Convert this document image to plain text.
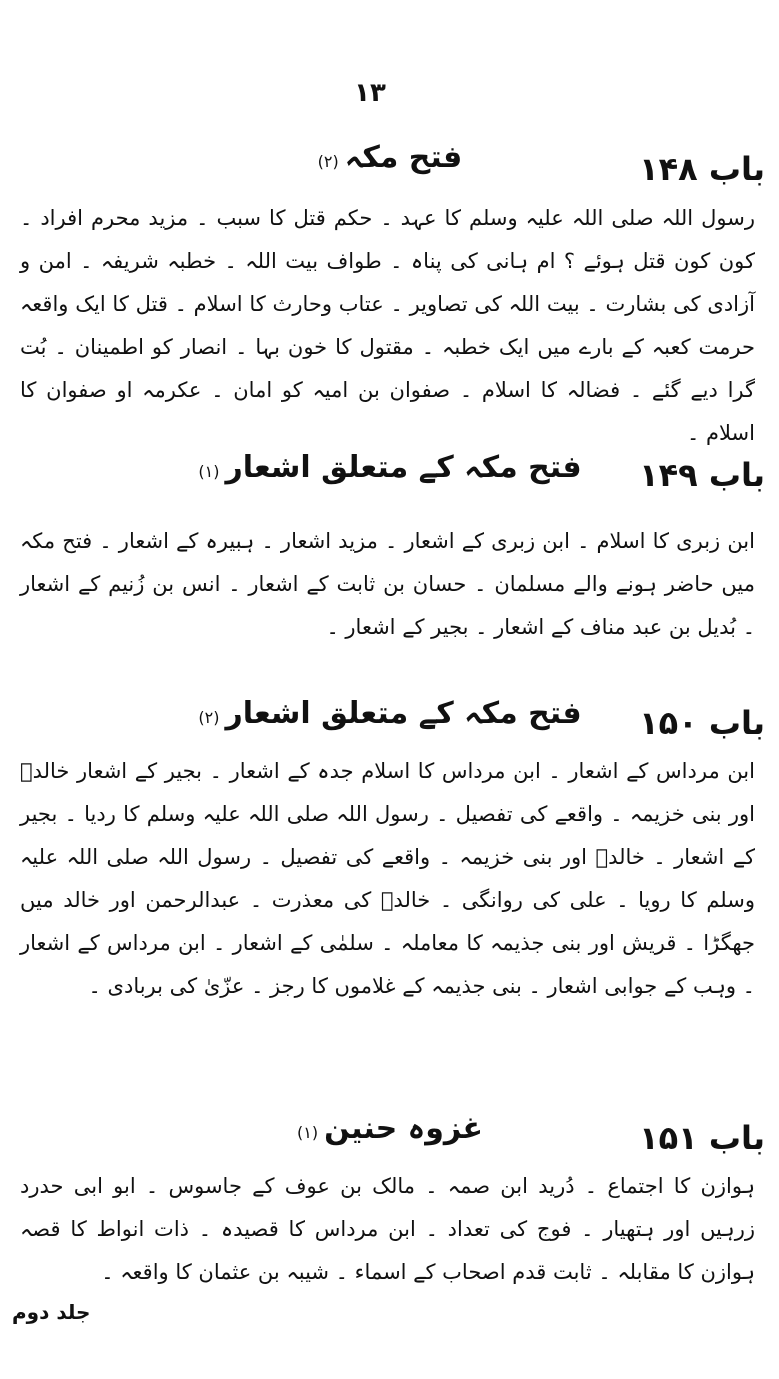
۱۳
باب ۱۴۸
فتح مکہ(۲)
رسول اللہ صلی اللہ علیہ وسلم کا عہد ۔ حکم قتل کا سبب ۔ مزید محرم افراد ۔ کون کون قتل ہوئے ؟ ام ہانی کی پناہ ۔ طواف بیت اللہ ۔ خطبہ شریفہ ۔ امن و آزادی کی بشارت ۔ بیت اللہ کی تصاویر ۔ عتاب وحارث کا اسلام ۔ قتل کا ایک واقعہ حرمت کعبہ کے بارے میں ایک خطبہ ۔ مقتول کا خون بہا ۔ انصار کو اطمینان ۔ بُت گرا دیے گئے ۔ فضالہ کا اسلام ۔ صفوان بن امیہ کو امان ۔ عکرمہ او صفوان کا اسلام ۔
باب ۱۴۹
فتح مکہ کے متعلق اشعار(۱)
ابن زبری کا اسلام ۔ ابن زبری کے اشعار ۔ مزید اشعار ۔ ہبیرہ کے اشعار ۔ فتح مکہ میں حاضر ہونے والے مسلمان ۔ حسان بن ثابت کے اشعار ۔ انس بن زُنیم کے اشعار ۔ بُدیل بن عبد مناف کے اشعار ۔ بجیر کے اشعار ۔
باب ۱۵۰
فتح مکہ کے متعلق اشعار(۲)
ابن مرداس کے اشعار ۔ ابن مرداس کا اسلام جدہ کے اشعار ۔ بجیر کے اشعار خالدؓ اور بنی خزیمہ ۔ واقعے کی تفصیل ۔ رسول اللہ صلی اللہ علیہ وسلم کا ردیا ۔ بجیر کے اشعار ۔ خالدؓ اور بنی خزیمہ ۔ واقعے کی تفصیل ۔ رسول اللہ صلی اللہ علیہ وسلم کا رویا ۔ علی کی روانگی ۔ خالدؓ کی معذرت ۔ عبدالرحمن اور خالد میں جھگڑا ۔ قریش اور بنی جذیمہ کا معاملہ ۔ سلمٰی کے اشعار ۔ ابن مرداس کے اشعار ۔ وہب کے جوابی اشعار ۔ بنی جذیمہ کے غلاموں کا رجز ۔ عزّیٰ کی بربادی ۔
باب ۱۵۱
غزوہ حنین(۱)
ہوازن کا اجتماع ۔ دُرید ابن صمہ ۔ مالک بن عوف کے جاسوس ۔ ابو ابی حدرد زرہیں اور ہتھیار ۔ فوج کی تعداد ۔ ابن مرداس کا قصیدہ ۔ ذات انواط کا قصہ ہوازن کا مقابلہ ۔ ثابت قدم اصحاب کے اسماء ۔ شیبہ بن عثمان کا واقعہ ۔
جلد دوم
